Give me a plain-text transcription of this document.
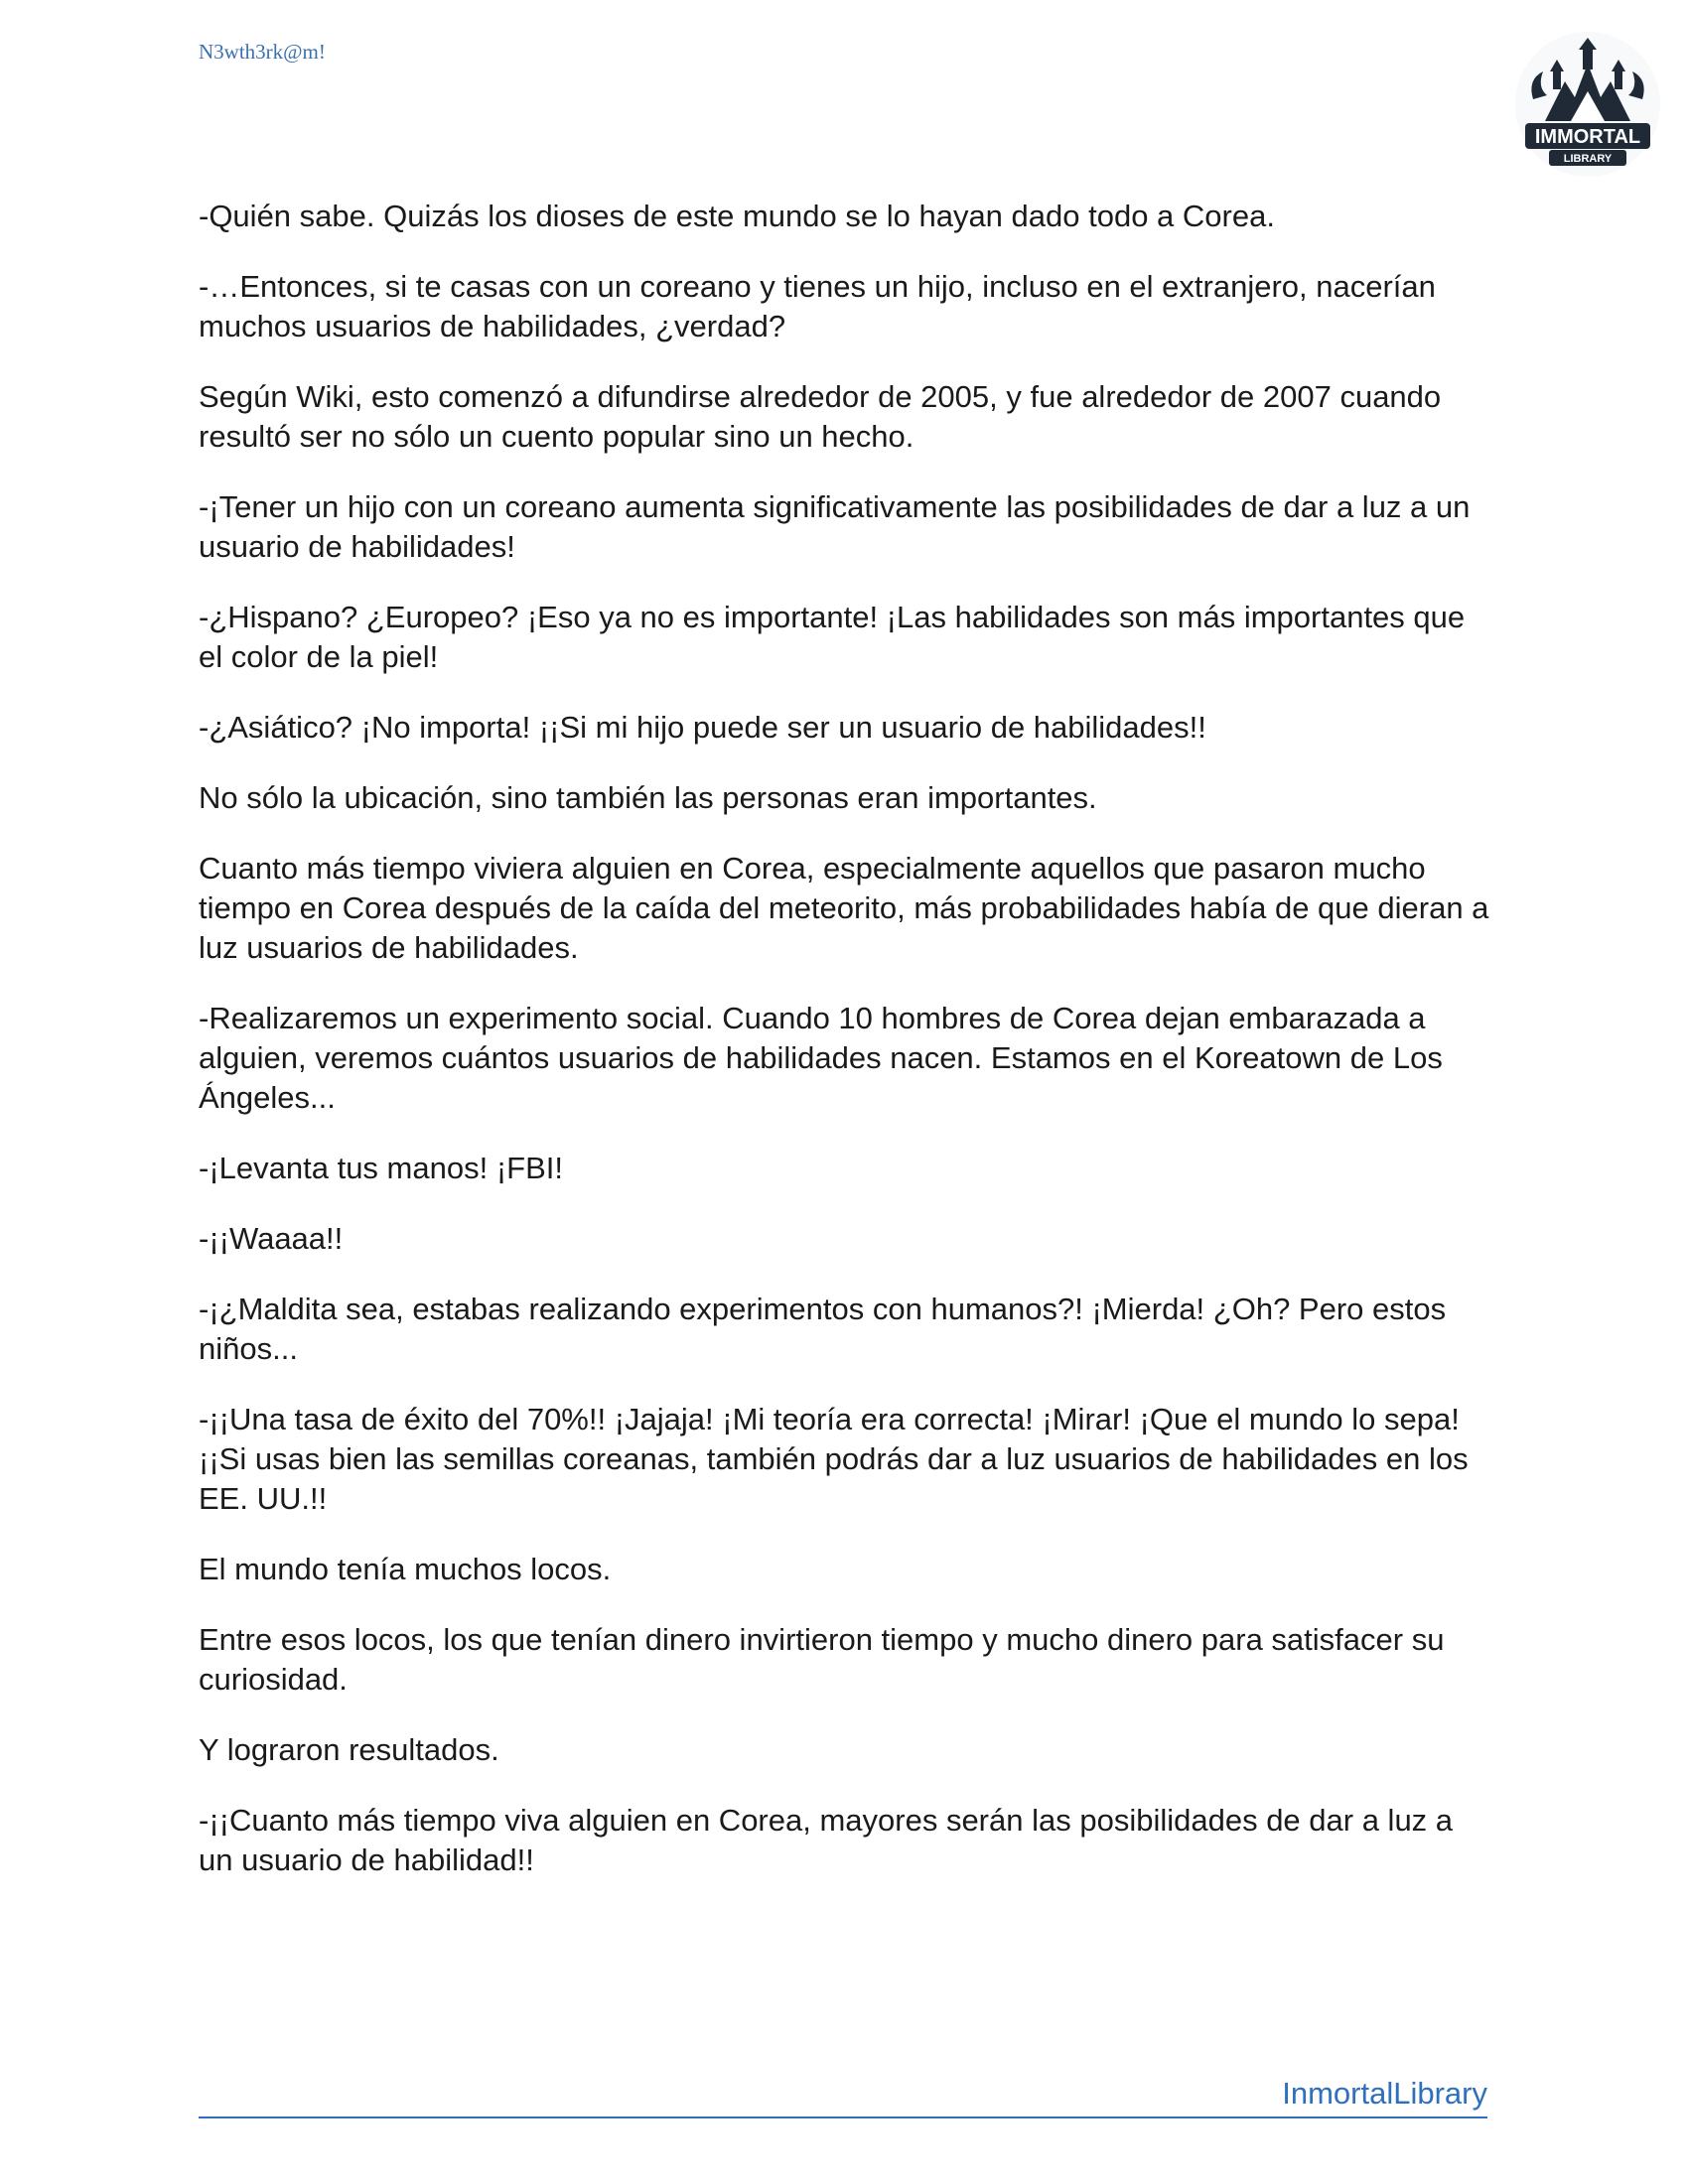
N3wth3rk@m!
IMMORTAL
LIBRARY

-Quién sabe. Quizás los dioses de este mundo se lo hayan dado todo a Corea.

-…Entonces, si te casas con un coreano y tienes un hijo, incluso en el extranjero, nacerían muchos usuarios de habilidades, ¿verdad?

Según Wiki, esto comenzó a difundirse alrededor de 2005, y fue alrededor de 2007 cuando resultó ser no sólo un cuento popular sino un hecho.

-¡Tener un hijo con un coreano aumenta significativamente las posibilidades de dar a luz a un usuario de habilidades!

-¿Hispano? ¿Europeo? ¡Eso ya no es importante! ¡Las habilidades son más importantes que el color de la piel!

-¿Asiático? ¡No importa! ¡¡Si mi hijo puede ser un usuario de habilidades!!

No sólo la ubicación, sino también las personas eran importantes.

Cuanto más tiempo viviera alguien en Corea, especialmente aquellos que pasaron mucho tiempo en Corea después de la caída del meteorito, más probabilidades había de que dieran a luz usuarios de habilidades.

-Realizaremos un experimento social. Cuando 10 hombres de Corea dejan embarazada a alguien, veremos cuántos usuarios de habilidades nacen. Estamos en el Koreatown de Los Ángeles...

-¡Levanta tus manos! ¡FBI!

-¡¡Waaaa!!

-¡¿Maldita sea, estabas realizando experimentos con humanos?! ¡Mierda! ¿Oh? Pero estos niños...

-¡¡Una tasa de éxito del 70%!! ¡Jajaja! ¡Mi teoría era correcta! ¡Mirar! ¡Que el mundo lo sepa! ¡¡Si usas bien las semillas coreanas, también podrás dar a luz usuarios de habilidades en los EE. UU.!!

El mundo tenía muchos locos.

Entre esos locos, los que tenían dinero invirtieron tiempo y mucho dinero para satisfacer su curiosidad.

Y lograron resultados.

-¡¡Cuanto más tiempo viva alguien en Corea, mayores serán las posibilidades de dar a luz a un usuario de habilidad!!

InmortalLibrary
